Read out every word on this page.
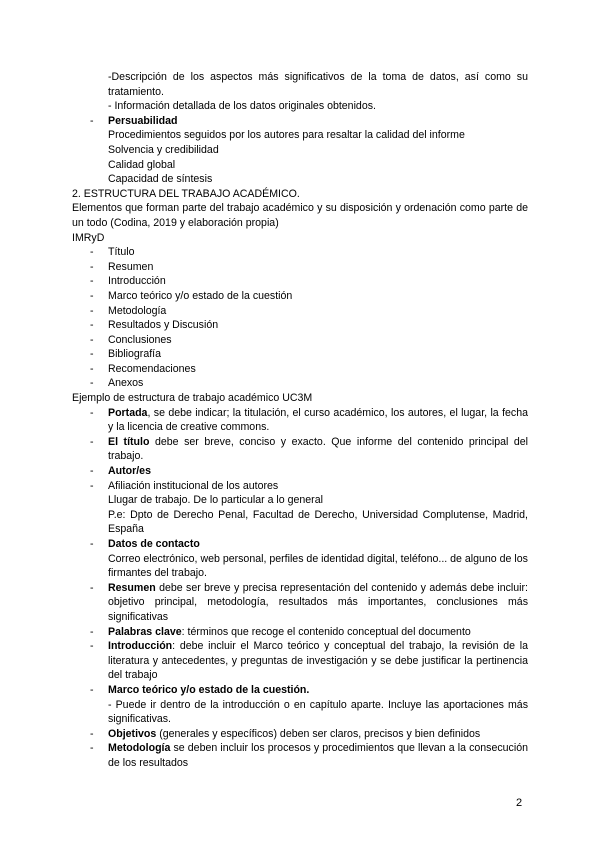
-Descripción de los aspectos más significativos de la toma de datos, así como su tratamiento.

- Información detallada de los datos originales obtenidos.

- Persuabilidad

Procedimientos seguidos por los autores para resaltar la calidad del informe

Solvencia y credibilidad

Calidad global

Capacidad de síntesis

2. ESTRUCTURA DEL TRABAJO ACADÉMICO.

Elementos que forman parte del trabajo académico y su disposición y ordenación como parte de un todo (Codina, 2019 y elaboración propia)

IMRyD

- Título
- Resumen
- Introducción
- Marco teórico y/o estado de la cuestión
- Metodología
- Resultados y Discusión
- Conclusiones
- Bibliografía
- Recomendaciones
- Anexos

Ejemplo de estructura de trabajo académico UC3M

- Portada, se debe indicar; la titulación, el curso académico, los autores, el lugar, la fecha y la licencia de creative commons.
- El título debe ser breve, conciso y exacto. Que informe del contenido principal del trabajo.
- Autor/es
- Afiliación institucional de los autores

Llugar de trabajo. De lo particular a lo general

P.e: Dpto de Derecho Penal, Facultad de Derecho, Universidad Complutense, Madrid, España

- Datos de contacto

Correo electrónico, web personal, perfiles de identidad digital, teléfono... de alguno de los firmantes del trabajo.

- Resumen debe ser breve y precisa representación del contenido y además debe incluir: objetivo principal, metodología, resultados más importantes, conclusiones más significativas
- Palabras clave: términos que recoge el contenido conceptual del documento
- Introducción: debe incluir el Marco teórico y conceptual del trabajo, la revisión de la literatura y antecedentes, y preguntas de investigación y se debe justificar la pertinencia del trabajo
- Marco teórico y/o estado de la cuestión.

- Puede ir dentro de la introducción o en capítulo aparte. Incluye las aportaciones más significativas.

- Objetivos (generales y específicos) deben ser claros, precisos y bien definidos
- Metodología se deben incluir los procesos y procedimientos que llevan a la consecución de los resultados
2
